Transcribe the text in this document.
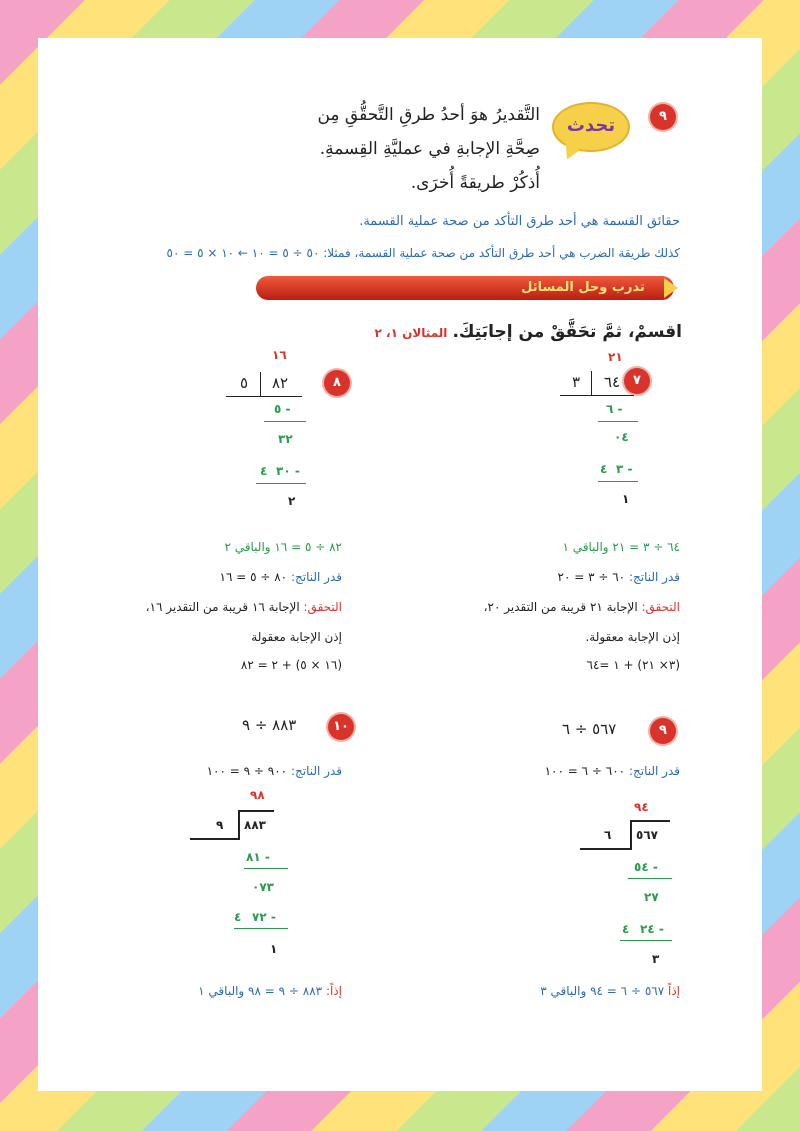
٩
تحدث
التَّقديرُ هوَ أحدُ طرقِ التَّحقُّقِ مِن
صِحَّةِ الإجابةِ في عمليَّةِ القِسمةِ.
أُذكُرْ طريقةً أُخرَى.
حقائق القسمة هي أحد طرق التأكد من صحة عملية القسمة.
كذلك طريقة الضرب هي أحد طرق التأكد من صحة عملية القسمة، فمثلا: ٥٠ ÷ ٥ = ١٠ ← ١٠ × ٥ = ٥٠
تدرب وحل المسائل
اقسمْ، ثمَّ تحَقَّقْ من إجابَتِكَ. المثالان ١، ٢
٧
٢١
٦٤
٣
٦ -
٠٤
٣ -
٤
١
٦٤ ÷ ٣ = ٢١ والباقي ١
قدر الناتج: ٦٠ ÷ ٣ = ٢٠
التحقق: الإجابة ٢١ قريبة من التقدير ٢٠،
إذن الإجابة معقولة.
(٣× ٢١) + ١ =٦٤
٨
١٦
٨٢
٥
٥ -
٣٢
٣٠ -
٤
٢
٨٢ ÷ ٥ = ١٦ والباقي ٢
قدر الناتج: ٨٠ ÷ ٥ = ١٦
التحقق: الإجابة ١٦ قريبة من التقدير ١٦،
إذن الإجابة معقولة
(١٦ × ٥) + ٢ = ٨٢
٩
٥٦٧ ÷ ٦
قدر الناتج: ٦٠٠ ÷ ٦ = ١٠٠
٩٤
٥٦٧
٦
٥٤ -
٢٧
٢٤ -
٤
٣
إذاً ٥٦٧ ÷ ٦ = ٩٤ والباقي ٣
١٠
٨٨٣ ÷ ٩
قدر الناتج: ٩٠٠ ÷ ٩ = ١٠٠
٩٨
٨٨٣
٩
٨١ -
٠٧٣
٧٢ -
٤
١
إذاً: ٨٨٣ ÷ ٩ = ٩٨ والباقي ١
